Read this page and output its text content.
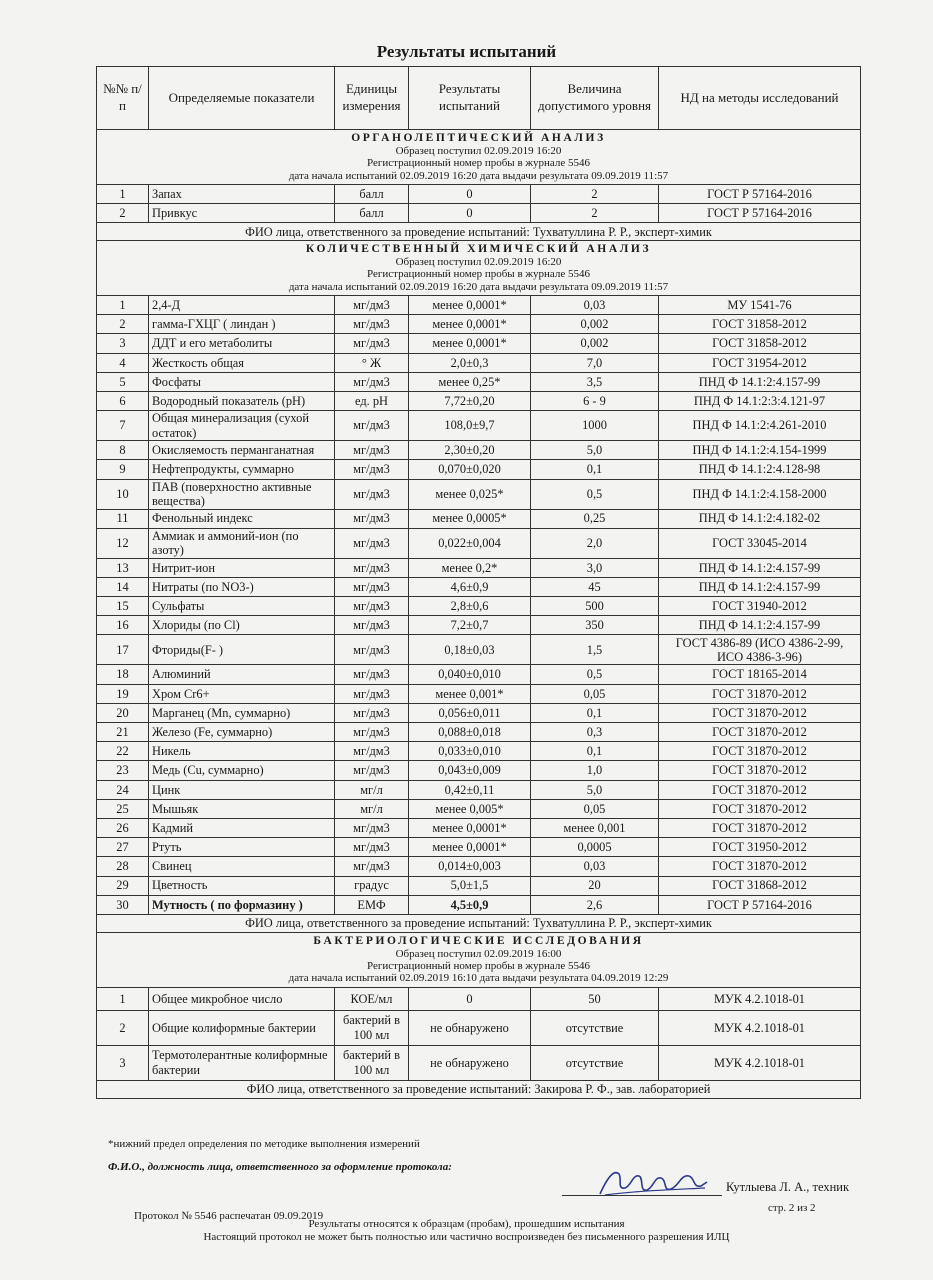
Результаты испытаний
№№ п/п	Определяемые показатели	Единицы измерения	Результаты испытаний	Величина допустимого уровня	НД на методы исследований

ОРГАНОЛЕПТИЧЕСКИЙ АНАЛИЗ
Образец поступил 02.09.2019 16:20
Регистрационный номер пробы в журнале 5546
дата начала испытаний 02.09.2019 16:20 дата выдачи результата 09.09.2019 11:57					

1	Запах	балл	0	2	ГОСТ Р 57164-2016
2	Привкус	балл	0	2	ГОСТ Р 57164-2016
ФИО лица, ответственного за проведение испытаний: Тухватуллина Р. Р., эксперт-химик					

КОЛИЧЕСТВЕННЫЙ ХИМИЧЕСКИЙ АНАЛИЗ
Образец поступил 02.09.2019 16:20
Регистрационный номер пробы в журнале 5546
дата начала испытаний 02.09.2019 16:20 дата выдачи результата 09.09.2019 11:57					

1	2,4-Д	мг/дм3	менее 0,0001*	0,03	МУ 1541-76
2	гамма-ГХЦГ ( линдан )	мг/дм3	менее 0,0001*	0,002	ГОСТ 31858-2012
3	ДДТ и его метаболиты	мг/дм3	менее 0,0001*	0,002	ГОСТ 31858-2012
4	Жесткость общая	° Ж	2,0±0,3	7,0	ГОСТ 31954-2012
5	Фосфаты	мг/дм3	менее 0,25*	3,5	ПНД Ф 14.1:2:4.157-99
6	Водородный показатель (рН)	ед. рН	7,72±0,20	6 - 9	ПНД Ф 14.1:2:3:4.121-97
7	Общая минерализация (сухой остаток)	мг/дм3	108,0±9,7	1000	ПНД Ф 14.1:2:4.261-2010
8	Окисляемость перманганатная	мг/дм3	2,30±0,20	5,0	ПНД Ф 14.1:2:4.154-1999
9	Нефтепродукты, суммарно	мг/дм3	0,070±0,020	0,1	ПНД Ф 14.1:2:4.128-98
10	ПАВ (поверхностно активные вещества)	мг/дм3	менее 0,025*	0,5	ПНД Ф 14.1:2:4.158-2000
11	Фенольный индекс	мг/дм3	менее 0,0005*	0,25	ПНД Ф 14.1:2:4.182-02
12	Аммиак и аммоний-ион (по азоту)	мг/дм3	0,022±0,004	2,0	ГОСТ 33045-2014
13	Нитрит-ион	мг/дм3	менее 0,2*	3,0	ПНД Ф 14.1:2:4.157-99
14	Нитраты (по NO3-)	мг/дм3	4,6±0,9	45	ПНД Ф 14.1:2:4.157-99
15	Сульфаты	мг/дм3	2,8±0,6	500	ГОСТ 31940-2012
16	Хлориды (по Cl)	мг/дм3	7,2±0,7	350	ПНД Ф 14.1:2:4.157-99
17	Фториды(F- )	мг/дм3	0,18±0,03	1,5	ГОСТ 4386-89 (ИСО 4386-2-99, ИСО 4386-3-96)
18	Алюминий	мг/дм3	0,040±0,010	0,5	ГОСТ 18165-2014
19	Хром Cr6+	мг/дм3	менее 0,001*	0,05	ГОСТ 31870-2012
20	Марганец (Mn, суммарно)	мг/дм3	0,056±0,011	0,1	ГОСТ 31870-2012
21	Железо (Fe, суммарно)	мг/дм3	0,088±0,018	0,3	ГОСТ 31870-2012
22	Никель	мг/дм3	0,033±0,010	0,1	ГОСТ 31870-2012
23	Медь (Cu, суммарно)	мг/дм3	0,043±0,009	1,0	ГОСТ 31870-2012
24	Цинк	мг/л	0,42±0,11	5,0	ГОСТ 31870-2012
25	Мышьяк	мг/л	менее 0,005*	0,05	ГОСТ 31870-2012
26	Кадмий	мг/дм3	менее 0,0001*	менее 0,001	ГОСТ 31870-2012
27	Ртуть	мг/дм3	менее 0,0001*	0,0005	ГОСТ 31950-2012
28	Свинец	мг/дм3	0,014±0,003	0,03	ГОСТ 31870-2012
29	Цветность	градус	5,0±1,5	20	ГОСТ 31868-2012
30	Мутность ( по формазину )	ЕМФ	4,5±0,9	2,6	ГОСТ Р 57164-2016
ФИО лица, ответственного за проведение испытаний: Тухватуллина Р. Р., эксперт-химик					

БАКТЕРИОЛОГИЧЕСКИЕ ИССЛЕДОВАНИЯ
Образец поступил 02.09.2019 16:00
Регистрационный номер пробы в журнале 5546
дата начала испытаний 02.09.2019 16:10 дата выдачи результата 04.09.2019 12:29					

1	Общее микробное число	КОЕ/мл	0	50	МУК 4.2.1018-01
2	Общие колиформные бактерии	бактерий в 100 мл	не обнаружено	отсутствие	МУК 4.2.1018-01
3	Термотолерантные колиформные бактерии	бактерий в 100 мл	не обнаружено	отсутствие	МУК 4.2.1018-01
ФИО лица, ответственного за проведение испытаний: Закирова Р. Ф., зав. лабораторией					
*нижний предел определения по методике выполнения измерений
Ф.И.О., должность лица, ответственного за оформление протокола:
Кутлыева Л. А., техник
стр. 2 из 2
Протокол № 5546 распечатан 09.09.2019
Результаты относятся к образцам (пробам), прошедшим испытания
Настоящий протокол не может быть полностью или частично воспроизведен без письменного разрешения ИЛЦ
